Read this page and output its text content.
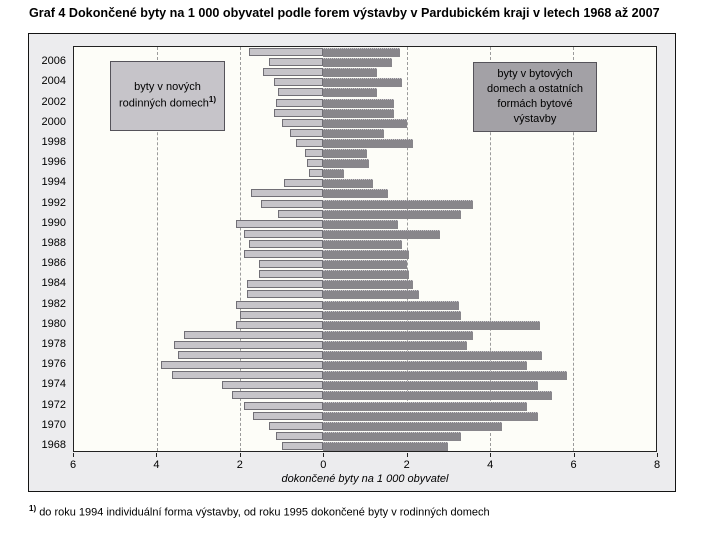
Graf 4 Dokončené byty na 1 000 obyvatel podle forem výstavby v Pardubickém kraji v letech 1968 až 2007
byty v nových rodinných domech$^{1)}$
byty v bytových domech a ostatních formách bytové výstavby
6	4	2	0	2	4	6	8
dokončené byty na 1 000 obyvatel
1968
1970
1972
1974
1976
1978
1980
1982
1984
1986
1988
1990
1992
1994
1996
1998
2000
2002
2004
2006
$^{1)}$ do roku 1994 individuální forma výstavby, od roku 1995 dokončené byty v rodinných domech
